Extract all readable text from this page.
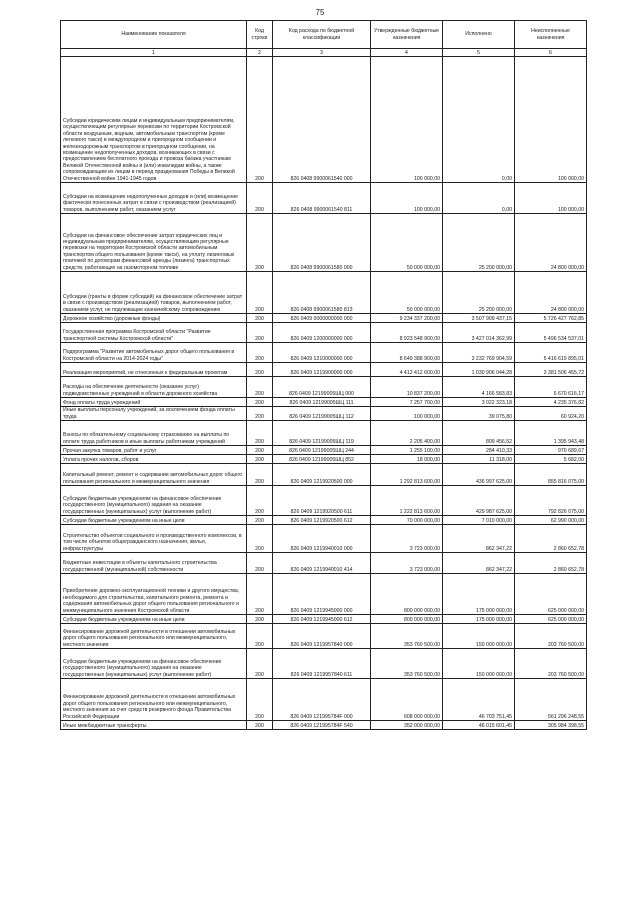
75
Наименование показателя	Код строки	Код расхода по бюджетной классификации	Утвержденные бюджетные назначения	Исполнено	Неисполненные назначения
1	2	3	4	5	6
Субсидии юридическим лицам и индивидуальным предпринимателям, осуществляющим регулярные перевозки по территории Костромской области воздушным, водным, автомобильным транспортом (кроме легкового такси) в междугородном и пригородном сообщении и железнодорожным транспортом в пригородном сообщении, на возмещение недополученных доходов, возникающих в связи с предоставлением бесплатного проезда и провоза багажа участникам Великой Отечественной войны и (или) инвалидам войны, а также сопровождающим их лицам в период празднования Победы в Великой Отечественной войне 1941-1945 годов	200	826 0408 9900061540 000	100 000,00	0,00	100 000,00
Субсидии на возмещение недополученных доходов и (или) возмещение фактически понесенных затрат в связи с производством (реализацией) товаров, выполнением работ, оказанием услуг	200	826 0408 9900061540 811	100 000,00	0,00	100 000,00
Субсидии на финансовое обеспечение затрат юридических лиц и индивидуальным предпринимателям, осуществляющим регулярные перевозки на территории Костромской области автомобильным транспортом общего пользования (кроме такси), на уплату лизинговых платежей по договорам финансовой аренды (лизинга) транспортных средств, работающих на газомоторном топливе	200	826 0408 9900061580 000	50 000 000,00	25 200 000,00	24 800 000,00
Субсидии (гранты в форме субсидий) на финансовое обеспечение затрат в связи с производством (реализацией) товаров, выполнением работ, оказанием услуг, не подлежащие казначейскому сопровождению	200	826 0408 9900061580 813	50 000 000,00	25 200 000,00	24 800 000,00
Дорожное хозяйство (дорожные фонды)	200	826 0409 0000000000 000	9 234 337 200,00	3 507 909 437,15	5 726 427 762,85
Государственная программа Костромской области "Развитие транспортной системы Костромской области"	200	826 0409 1200000000 000	8 923 548 900,00	3 427 014 362,99	5 496 534 537,01
Подпрограмма "Развитие автомобильных дорог общего пользования в Костромской области на 2014-2024 годы"	200	826 0409 1210000000 000	8 649 388 900,00	3 232 769 904,59	5 416 619 895,01
Реализация мероприятий, не отнесенных к федеральным проектам	200	826 0409 1219900000 000	4 412 412 600,00	1 030 906 044,28	3 381 506 455,72
Расходы на обеспечение деятельности (оказание услуг) подведомственных учреждений в области дорожного хозяйства	200	826 0409 12199005ШЦ 000	10 837 200,00	4 166 583,83	6 670 616,17
Фонд оплаты труда учреждений	200	826 0409 12199005ШЦ 111	7 257 700,00	3 022 323,18	4 235 376,82
Иные выплаты персоналу учреждений, за исключением фонда оплаты труда	200	826 0409 12199005ШЦ 112	100 000,00	39 075,80	60 924,20
Взносы по обязательному социальному страхованию на выплаты по оплате труда работников и иные выплаты работникам учреждений	200	826 0409 12199005ШЦ 119	2 205 400,00	809 456,52	1 395 943,48
Прочая закупка товаров, работ и услуг	200	826 0409 12199005ШЦ 244	1 255 100,00	284 410,33	970 689,67
Уплата прочих налогов, сборов	200	826 0409 12199005ШЦ 852	18 000,00	11 318,00	5 682,00
Капитальный ремонт, ремонт и содержание автомобильных дорог общего пользования регионального и межмуниципального значения	200	826 0409 1219920500 000	1 292 813 600,00	436 997 625,00	855 816 075,00
Субсидии бюджетным учреждениям на финансовое обеспечение государственного (муниципального) задания на оказание государственных (муниципальных) услуг (выполнение работ)	200	826 0409 1219920500 611	1 222 813 600,00	429 987 625,00	792 826 075,00
Субсидии бюджетным учреждениям на иные цели	200	826 0409 1219920500 612	70 000 000,00	7 010 000,00	62 990 000,00
Строительство объектов социального и производственного комплексов, в том числе объектов общегражданского назначения, жилья, инфраструктуры	200	826 0409 1219940010 000	3 723 000,00	862 347,22	2 860 652,78
Бюджетные инвестиции в объекты капитального строительства государственной (муниципальной) собственности	200	826 0409 1219940010 414	3 723 000,00	862 347,22	2 860 652,78
Приобретение дорожно-эксплуатационной техники и другого имущества, необходимого для строительства, капитального ремонта, ремонта и содержания автомобильных дорог общего пользования регионального и межмуниципального значения Костромской области	200	826 0409 1219945000 000	800 000 000,00	175 000 000,00	625 000 000,00
Субсидии бюджетным учреждениям на иные цели	200	826 0409 1219945000 612	800 000 000,00	175 000 000,00	625 000 000,00
Финансирование дорожной деятельности в отношении автомобильных дорог общего пользования регионального или межмуниципального, местного значения	200	826 0409 1219957840 000	353 760 500,00	150 000 000,00	203 760 500,00
Субсидии бюджетным учреждениям на финансовое обеспечение государственного (муниципального) задания на оказание государственных (муниципальных) услуг (выполнение работ)	200	826 0409 1219957840 611	353 760 500,00	150 000 000,00	203 760 500,00
Финансирование дорожной деятельности в отношении автомобильных дорог общего пользования регионального или межмуниципального, местного значения за счет средств резервного фонда Правительства Российской Федерации	200	826 0409 121995784F 000	608 000 000,00	46 703 751,45	561 296 248,55
Иные межбюджетные трансферты	200	826 0409 121995784F 540	352 000 000,00	46 015 601,45	305 984 398,55
